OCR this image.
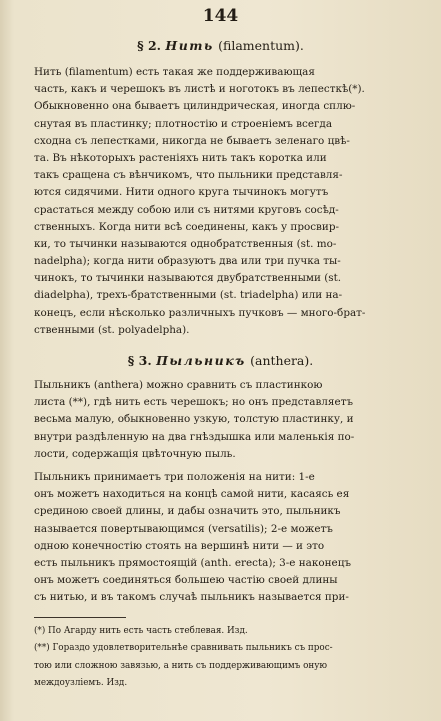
144
§ 2. Нить (filamentum).
Нить (filamentum) есть такая же поддерживающая
часть, какъ и черешокъ въ листѣ и ноготокъ въ лепесткѣ(*).
Обыкновенно она бываетъ цилиндрическая, иногда сплю-
снутая въ пластинку; плотностію и строеніемъ всегда
сходна съ лепестками, никогда не бываетъ зеленаго цвѣ-
та. Въ нѣкоторыхъ растеніяхъ нить такъ коротка или
такъ сращена съ вѣнчикомъ, что пыльники представля-
ются сидячими. Нити одного круга тычинокъ могутъ
срастаться между собою или съ нитями круговъ сосѣд-
ственныхъ. Когда нити всѣ соединены, какъ у просвир-
ки, то тычинки называются однобратственныя (st. mo-
nadelpha); когда нити образуютъ два или три пучка ты-
чинокъ, то тычинки называются двубратственными (st.
diadelpha), трехъ-братственными (st. triadelpha) или на-
конецъ, если нѣсколько различныхъ пучковъ — много-брат-
ственными (st. polyadelpha).
§ 3. Пыльникъ (anthera).
Пыльникъ (anthera) можно сравнить съ пластинкою
листа (**), гдѣ нить есть черешокъ; но онъ представляетъ
весьма малую, обыкновенно узкую, толстую пластинку, и
внутри раздѣленную на два гнѣздышка или маленькія по-
лости, содержащія цвѣточную пыль.
Пыльникъ принимаетъ три положенія на нити: 1-е
онъ можетъ находиться на концѣ самой нити, касаясь ея
срединою своей длины, и дабы означить это, пыльникъ
называется повертывающимся (versatilis); 2-е можетъ
одною конечностію стоять на вершинѣ нити — и это
есть пыльникъ прямостоящій (anth. erecta); 3-е наконецъ
онъ можетъ соединяться большею частію своей длины
съ нитью, и въ такомъ случаѣ пыльникъ называется при-
(*) По Агарду нить есть часть стеблевая. Изд.
(**) Гораздо удовлетворительнѣе сравнивать пыльникъ съ прос-
тою или сложною завязью, а нить съ поддерживающимъ оную
междоузліемъ. Изд.
